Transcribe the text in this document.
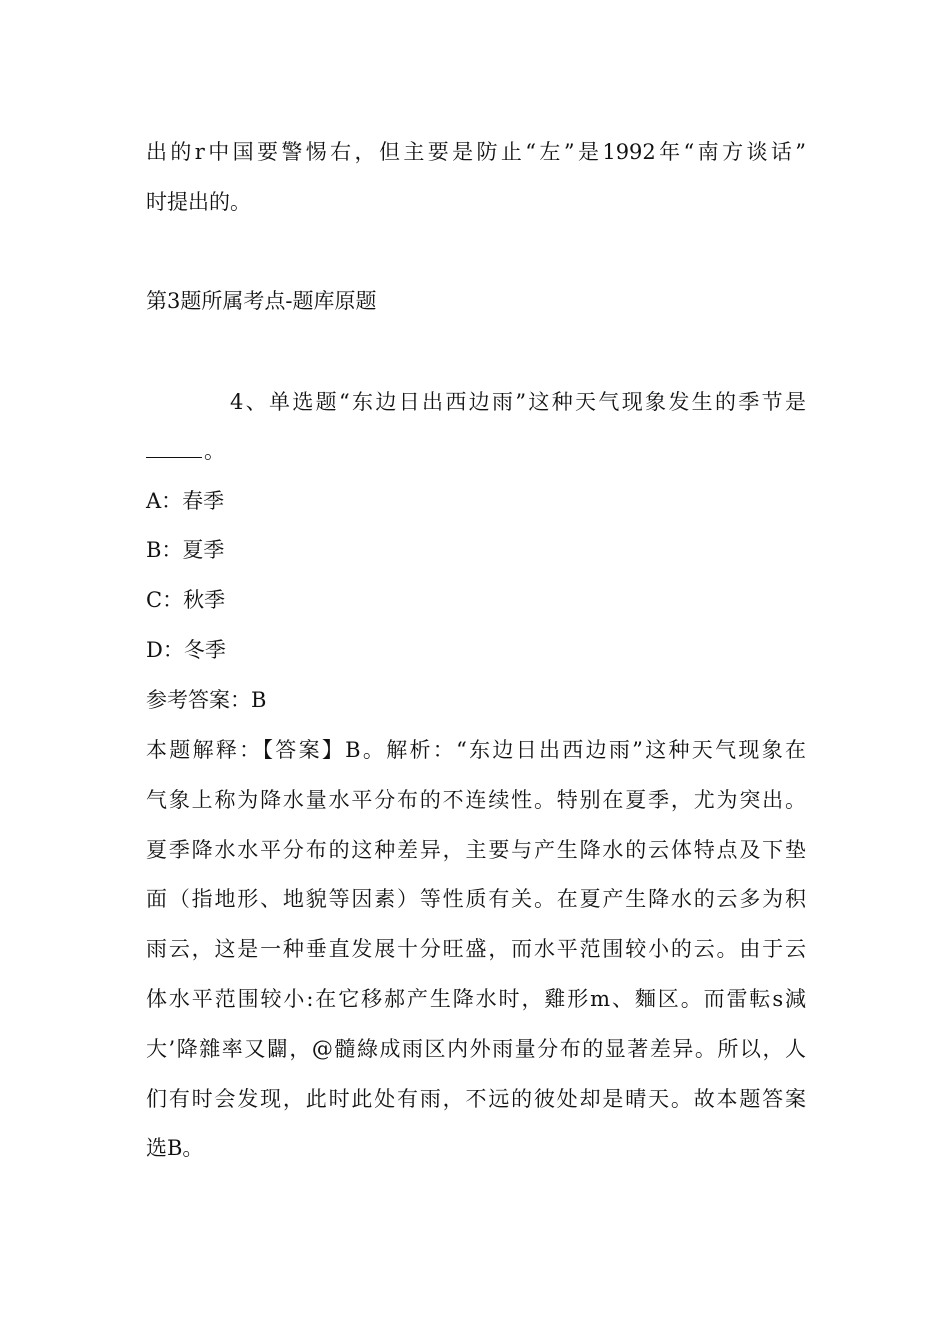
出的r中国要警惕右，但主要是防止“左”是1992年“南方谈话”
时提出的。
第3题所属考点-题库原题
4、单选题“东边日出西边雨”这种天气现象发生的季节是
。
A：春季
B：夏季
C：秋季
D：冬季
参考答案：B
本题解释：【答案】B。解析：“东边日出西边雨”这种天气现象在
气象上称为降水量水平分布的不连续性。特别在夏季，尤为突出。
夏季降水水平分布的这种差异，主要与产生降水的云体特点及下垫
面（指地形、地貌等因素）等性质有关。在夏产生降水的云多为积
雨云，这是一种垂直发展十分旺盛，而水平范围较小的云。由于云
体水平范围较小:在它移郝产生降水时，雞形m、麵区。而雷転s減
大’降雜率又闢，@髓綠成雨区内外雨量分布的显著差异。所以，人
们有时会发现，此时此处有雨，不远的彼处却是晴天。故本题答案
选B。
